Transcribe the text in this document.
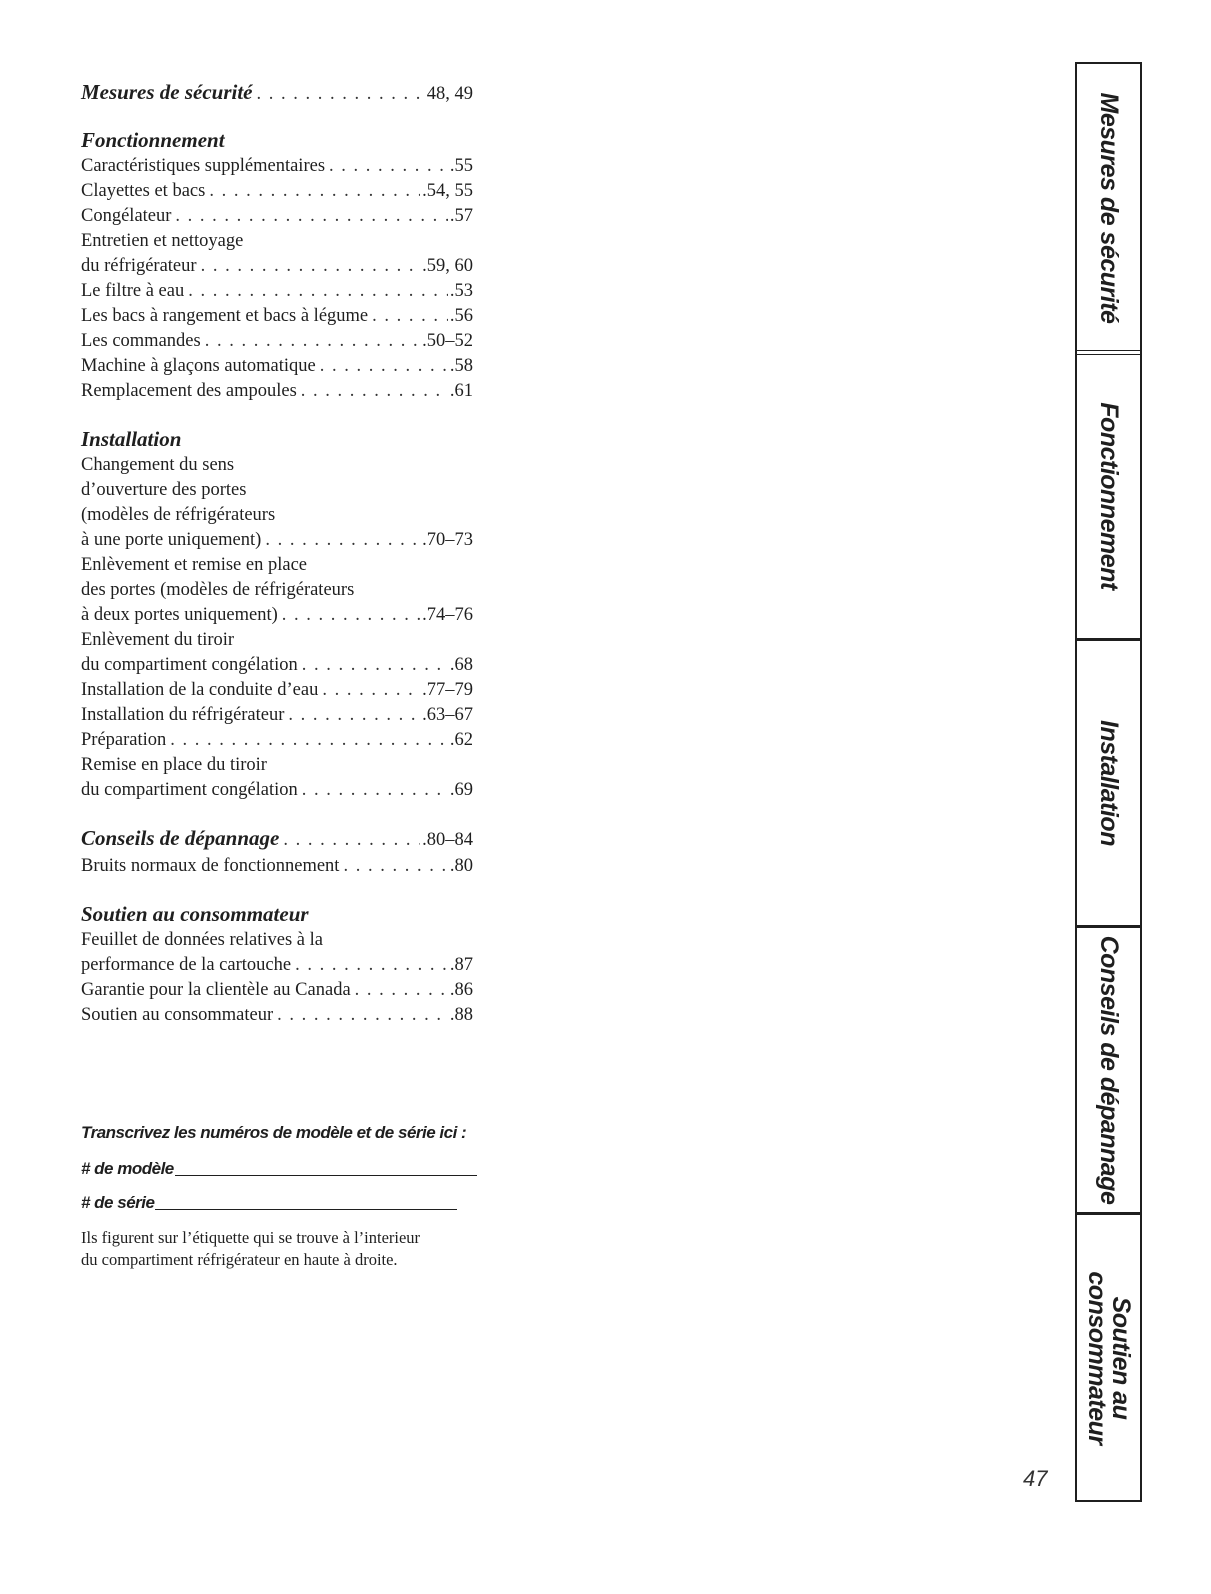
Mesures de sécurité . . .	48, 49
Fonctionnement
Caractéristiques supplémentaires . . .	.55
Clayettes et bacs . . .	.54, 55
Congélateur . . .	.57
Entretien et nettoyage
du réfrigérateur . . .	.59, 60
Le filtre à eau . . .	.53
Les bacs à rangement et bacs à légume . . .	.56
Les commandes . . .	.50–52
Machine à glaçons automatique . . .	.58
Remplacement des ampoules . . .	.61
Installation
Changement du sens
d’ouverture des portes
(modèles de réfrigérateurs
à une porte uniquement) . . .	.70–73
Enlèvement et remise en place
des portes (modèles de réfrigérateurs
à deux portes uniquement) . . .	.74–76
Enlèvement du tiroir
du compartiment congélation . . .	.68
Installation de la conduite d’eau . . .	.77–79
Installation du réfrigérateur . . .	.63–67
Préparation . . .	.62
Remise en place du tiroir
du compartiment congélation . . .	.69
Conseils de dépannage . . .	.80–84
Bruits normaux de fonctionnement . . .	.80
Soutien au consommateur
Feuillet de données relatives à la
performance de la cartouche . . .	.87
Garantie pour la clientèle au Canada . . .	.86
Soutien au consommateur . . .	.88
Transcrivez les numéros de modèle et de série ici :
# de modèle
# de série
Ils figurent sur l’étiquette qui se trouve à l’interieur
du compartiment réfrigérateur en haute à droite.
47
Mesures de sécurité
Fonctionnement
Installation
Conseils de dépannage
Soutien au
consommateur
